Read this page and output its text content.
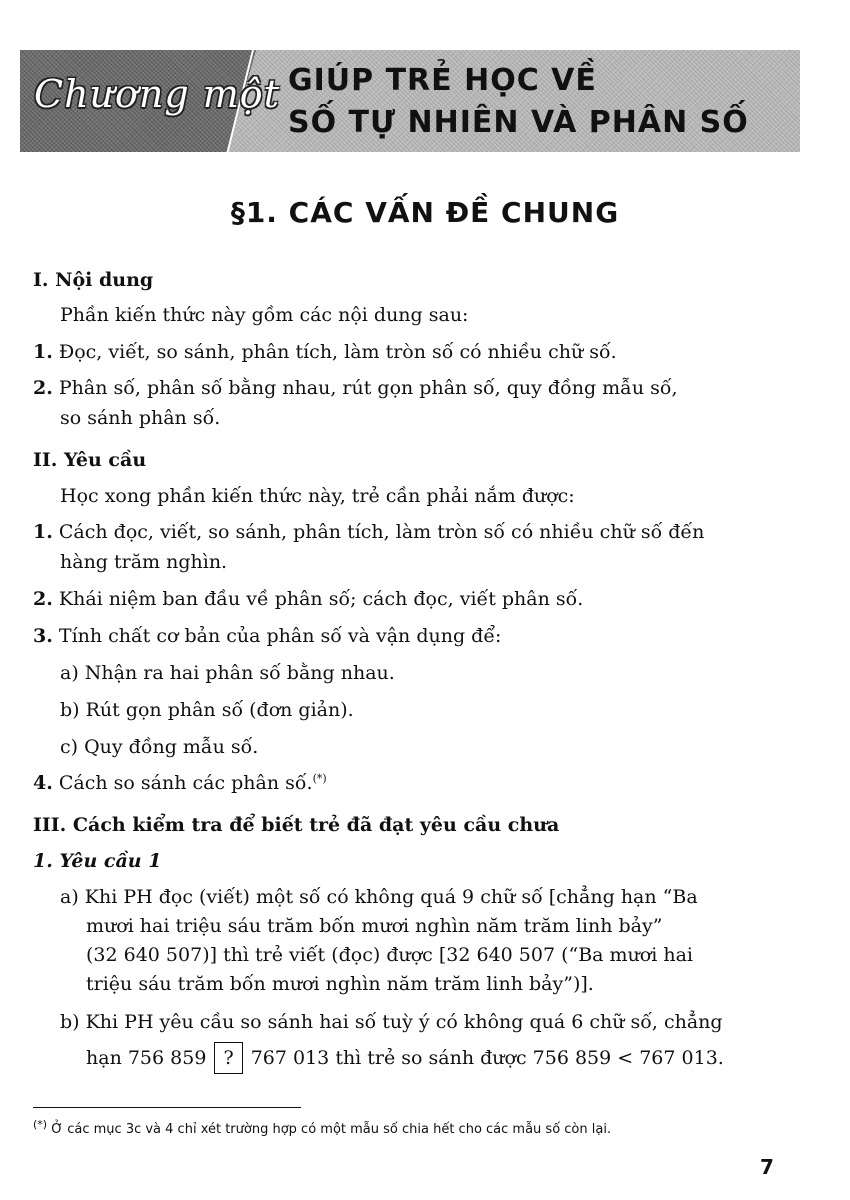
Chương một GIÚP TRẺ HỌC VỀ
SỐ TỰ NHIÊN VÀ PHÂN SỐ
§1. CÁC VẤN ĐỀ CHUNG
I. Nội dung
Phần kiến thức này gồm các nội dung sau:
1. Đọc, viết, so sánh, phân tích, làm tròn số có nhiều chữ số.
2. Phân số, phân số bằng nhau, rút gọn phân số, quy đồng mẫu số,
so sánh phân số.
II. Yêu cầu
Học xong phần kiến thức này, trẻ cần phải nắm được:
1. Cách đọc, viết, so sánh, phân tích, làm tròn số có nhiều chữ số đến
hàng trăm nghìn.
2. Khái niệm ban đầu về phân số; cách đọc, viết phân số.
3. Tính chất cơ bản của phân số và vận dụng để:
a) Nhận ra hai phân số bằng nhau.
b) Rút gọn phân số (đơn giản).
c) Quy đồng mẫu số.
4. Cách so sánh các phân số.(*)
III. Cách kiểm tra để biết trẻ đã đạt yêu cầu chưa
1. Yêu cầu 1
a) Khi PH đọc (viết) một số có không quá 9 chữ số [chẳng hạn “Ba
mươi hai triệu sáu trăm bốn mươi nghìn năm trăm linh bảy”
(32 640 507)] thì trẻ viết (đọc) được [32 640 507 (“Ba mươi hai
triệu sáu trăm bốn mươi nghìn năm trăm linh bảy”)].
b) Khi PH yêu cầu so sánh hai số tuỳ ý có không quá 6 chữ số, chẳng
hạn 756 859 ? 767 013 thì trẻ so sánh được 756 859 < 767 013.
(*) Ở các mục 3c và 4 chỉ xét trường hợp có một mẫu số chia hết cho các mẫu số còn lại.
7
